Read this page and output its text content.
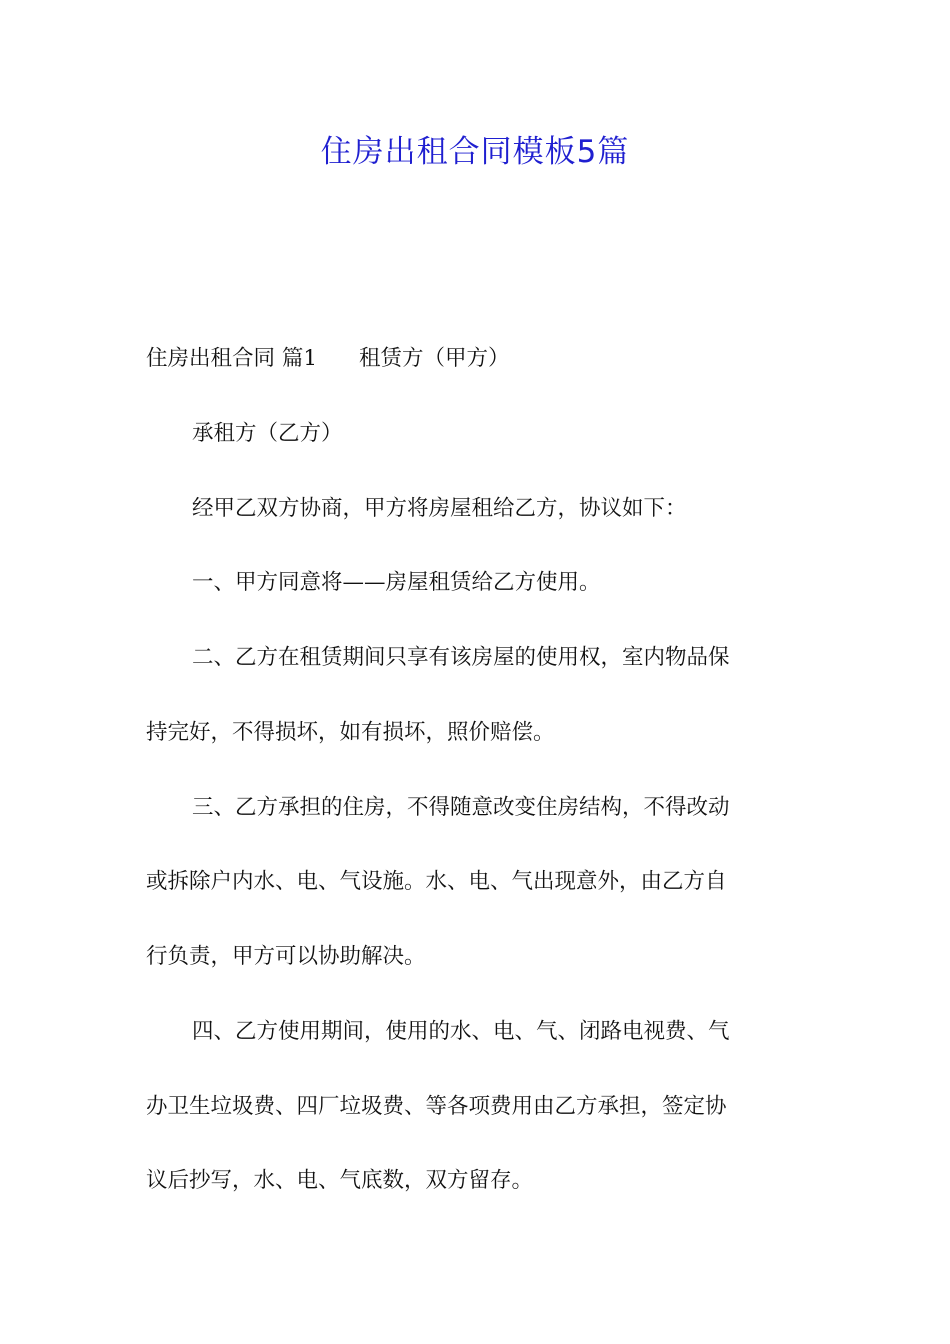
住房出租合同模板5篇

住房出租合同 篇1 租赁方（甲方）

承租方（乙方）

经甲乙双方协商，甲方将房屋租给乙方，协议如下：

一、甲方同意将——房屋租赁给乙方使用。

二、乙方在租赁期间只享有该房屋的使用权，室内物品保

持完好，不得损坏，如有损坏，照价赔偿。

三、乙方承担的住房，不得随意改变住房结构，不得改动

或拆除户内水、电、气设施。水、电、气出现意外，由乙方自

行负责，甲方可以协助解决。

四、乙方使用期间，使用的水、电、气、闭路电视费、气

办卫生垃圾费、四厂垃圾费、等各项费用由乙方承担，签定协

议后抄写，水、电、气底数，双方留存。
